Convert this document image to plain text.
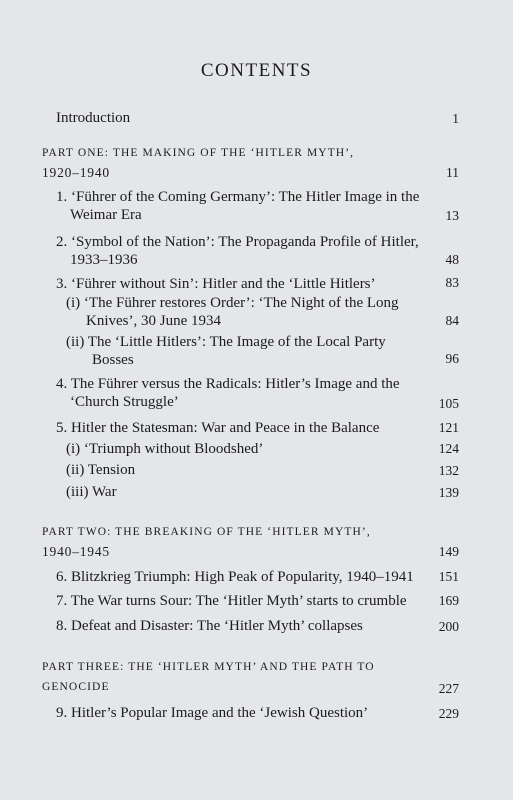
CONTENTS
Introduction	1
PART ONE: THE MAKING OF THE ‘HITLER MYTH’,
1920–1940	11
1. ‘Führer of the Coming Germany’: The Hitler Image in the
Weimar Era	13
2. ‘Symbol of the Nation’: The Propaganda Profile of Hitler,
1933–1936	48
3. ‘Führer without Sin’: Hitler and the ‘Little Hitlers’	83
(i) ‘The Führer restores Order’: ‘The Night of the Long
Knives’, 30 June 1934	84
(ii) The ‘Little Hitlers’: The Image of the Local Party
Bosses	96
4. The Führer versus the Radicals: Hitler’s Image and the
‘Church Struggle’	105
5. Hitler the Statesman: War and Peace in the Balance	121
(i) ‘Triumph without Bloodshed’	124
(ii) Tension	132
(iii) War	139
PART TWO: THE BREAKING OF THE ‘HITLER MYTH’,
1940–1945	149
6. Blitzkrieg Triumph: High Peak of Popularity, 1940–1941	151
7. The War turns Sour: The ‘Hitler Myth’ starts to crumble	169
8. Defeat and Disaster: The ‘Hitler Myth’ collapses	200
PART THREE: THE ‘HITLER MYTH’ AND THE PATH TO
GENOCIDE	227
9. Hitler’s Popular Image and the ‘Jewish Question’	229
